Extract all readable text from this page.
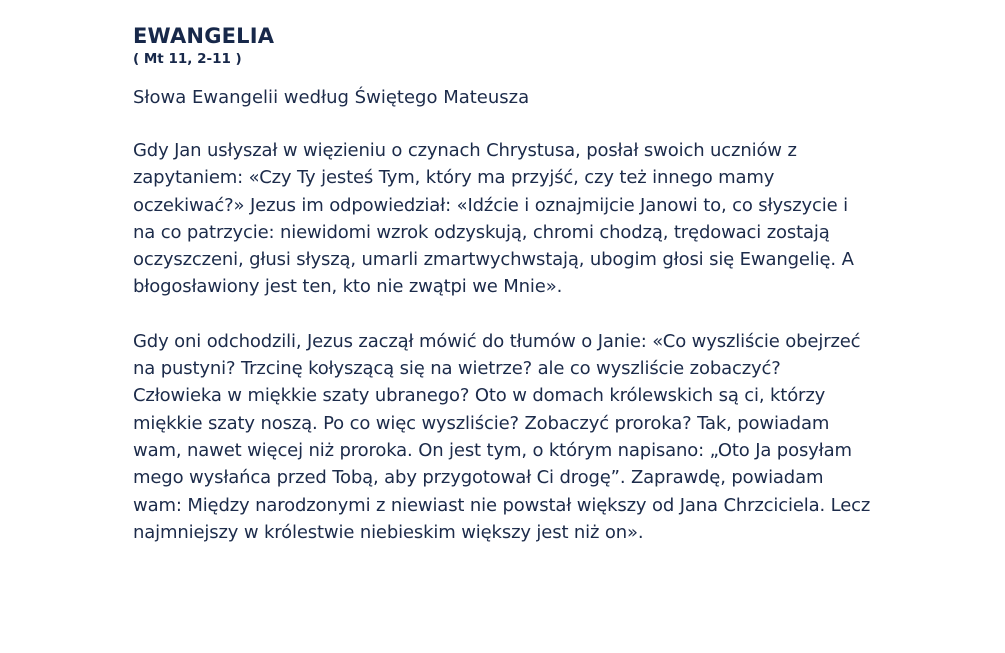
EWANGELIA
( Mt 11, 2-11 )

Słowa Ewangelii według Świętego Mateusza

Gdy Jan usłyszał w więzieniu o czynach Chrystusa, posłał swoich uczniów z zapytaniem: «Czy Ty jesteś Tym, który ma przyjść, czy też innego mamy oczekiwać?» Jezus im odpowiedział: «Idźcie i oznajmijcie Janowi to, co słyszycie i na co patrzycie: niewidomi wzrok odzyskują, chromi chodzą, trędowaci zostają oczyszczeni, głusi słyszą, umarli zmartwychwstają, ubogim głosi się Ewangelię. A błogosławiony jest ten, kto nie zwątpi we Mnie».

Gdy oni odchodzili, Jezus zaczął mówić do tłumów o Janie: «Co wyszliście obejrzeć na pustyni? Trzcinę kołyszącą się na wietrze? ale co wyszliście zobaczyć? Człowieka w miękkie szaty ubranego? Oto w domach królewskich są ci, którzy miękkie szaty noszą. Po co więc wyszliście? Zobaczyć proroka? Tak, powiadam wam, nawet więcej niż proroka. On jest tym, o którym napisano: „Oto Ja posyłam mego wysłańca przed Tobą, aby przygotował Ci drogę”. Zaprawdę, powiadam wam: Między narodzonymi z niewiast nie powstał większy od Jana Chrzciciela. Lecz najmniejszy w królestwie niebieskim większy jest niż on».
